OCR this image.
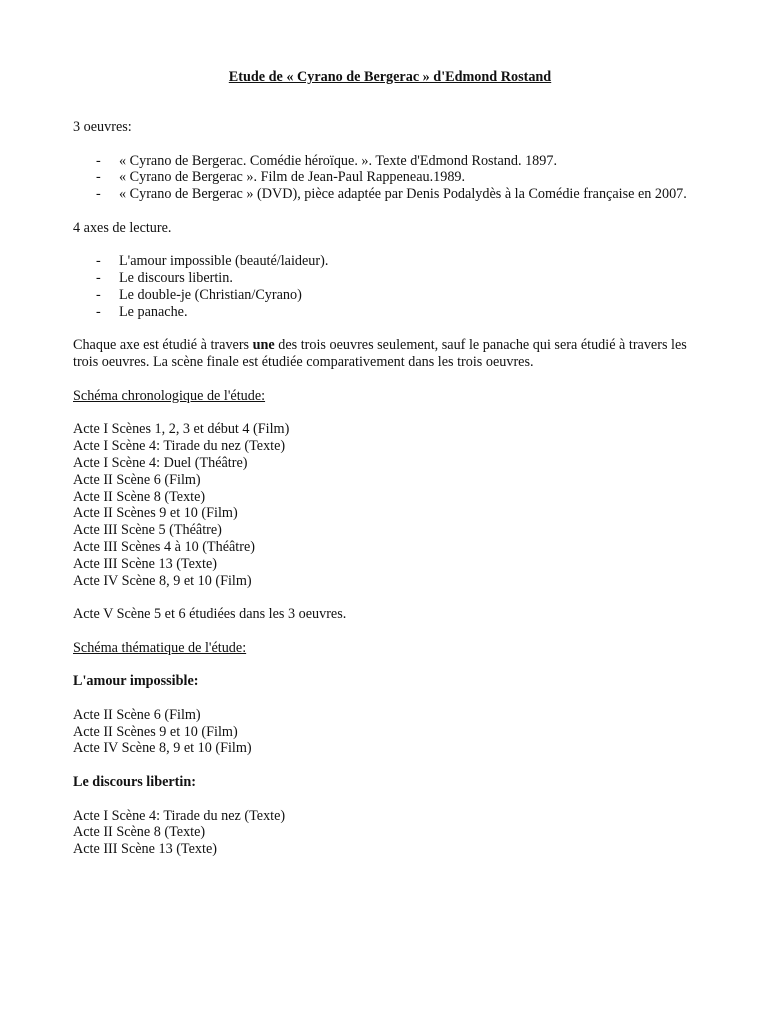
Etude de « Cyrano de Bergerac » d'Edmond Rostand

3 oeuvres:

- « Cyrano de Bergerac. Comédie héroïque. ». Texte d'Edmond Rostand. 1897.
- « Cyrano de Bergerac ». Film de Jean-Paul Rappeneau.1989.
- « Cyrano de Bergerac » (DVD), pièce adaptée par Denis Podalydès à la Comédie française en 2007.

4 axes de lecture.

- L'amour impossible (beauté/laideur).
- Le discours libertin.
- Le double-je (Christian/Cyrano)
- Le panache.

Chaque axe est étudié à travers une des trois oeuvres seulement, sauf le panache qui sera étudié à travers les trois oeuvres. La scène finale est étudiée comparativement dans les trois oeuvres.

Schéma chronologique de l'étude:

Acte I Scènes 1, 2, 3 et début 4 (Film)

Acte I Scène 4: Tirade du nez (Texte)

Acte I Scène 4: Duel (Théâtre)

Acte II Scène 6 (Film)

Acte II Scène 8 (Texte)

Acte II Scènes 9 et 10 (Film)

Acte III Scène 5 (Théâtre)

Acte III Scènes 4 à 10 (Théâtre)

Acte III Scène 13 (Texte)

Acte IV Scène 8, 9 et 10 (Film)

Acte V Scène 5 et 6 étudiées dans les 3 oeuvres.

Schéma thématique de l'étude:

L'amour impossible:

Acte II Scène 6 (Film)

Acte II Scènes 9 et 10 (Film)

Acte IV Scène 8, 9 et 10 (Film)

Le discours libertin:

Acte I Scène 4: Tirade du nez (Texte)

Acte II Scène 8 (Texte)

Acte III Scène 13 (Texte)
